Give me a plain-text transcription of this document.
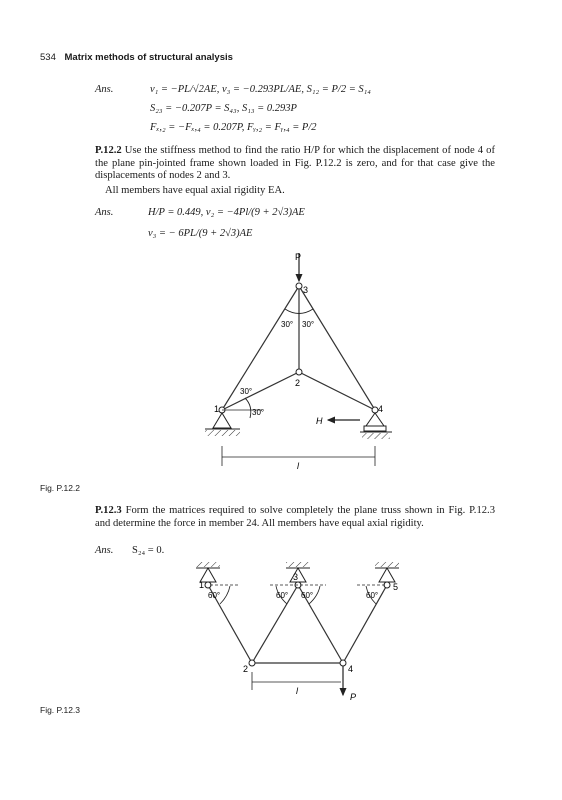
534 Matrix methods of structural analysis
Ans.	v₁ = −PL/√2AE, v₃ = −0.293PL/AE, S₁₂ = P/2 = S₁₄
S₂₃ = −0.207P = S₄₃, S₁₃ = 0.293P
Fₓ,₂ = −Fₓ,₄ = 0.207P, Fᵧ,₂ = Fᵧ,₄ = P/2
P.12.2 Use the stiffness method to find the ratio H/P for which the displacement of node 4 of the plane pin-jointed frame shown loaded in Fig. P.12.2 is zero, and for that case give the displacements of nodes 2 and 3.
All members have equal axial rigidity EA.
Ans.	H/P = 0.449, v₂ = −4Pl/(9 + 2√3)AE
v₃ = − 6PL/(9 + 2√3)AE
P
3
30° 30°
2
30°
30°
1	4
H
l
Fig. P.12.2
P.12.3 Form the matrices required to solve completely the plane truss shown in Fig. P.12.3 and determine the force in member 24. All members have equal axial rigidity.
Ans. S₂₄ = 0.
1
3
5
2	4
60°	60° 60°	60°
l
P
Fig. P.12.3
